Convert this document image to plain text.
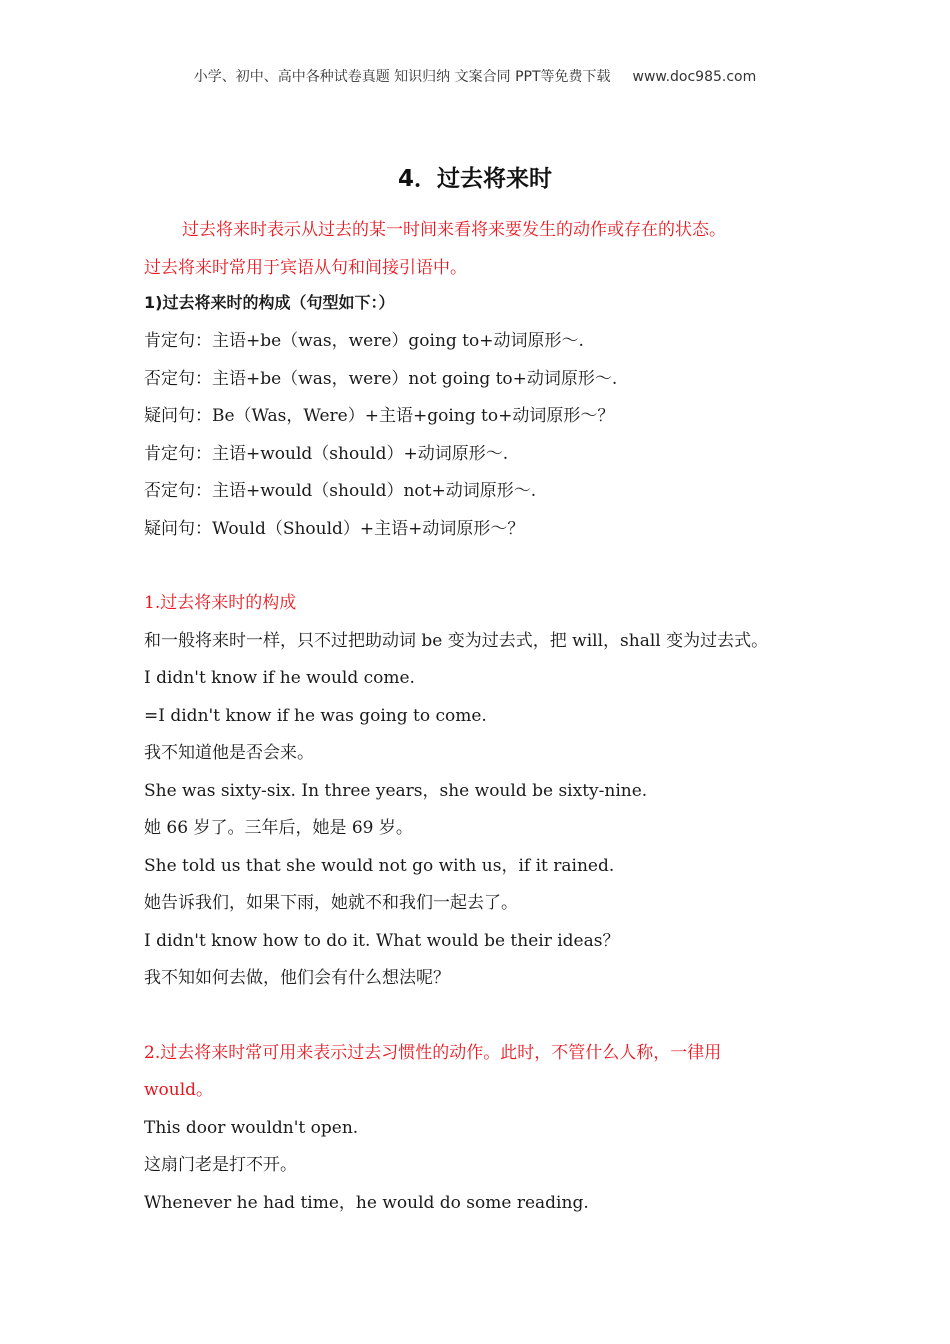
小学、初中、高中各种试卷真题 知识归纳 文案合同 PPT等免费下载 www.doc985.com
4．过去将来时
过去将来时表示从过去的某一时间来看将来要发生的动作或存在的状态。
过去将来时常用于宾语从句和间接引语中。
1)过去将来时的构成（句型如下：）
肯定句：主语+be（was，were）going to+动词原形～.
否定句：主语+be（was，were）not going to+动词原形～.
疑问句：Be（Was，Were）+主语+going to+动词原形～？
肯定句：主语+would（should）+动词原形～.
否定句：主语+would（should）not+动词原形～.
疑问句：Would（Should）+主语+动词原形～？
1.过去将来时的构成
和一般将来时一样，只不过把助动词 be 变为过去式，把 will，shall 变为过去式。
I didn't know if he would come.
=I didn't know if he was going to come.
我不知道他是否会来。
She was sixty-six. In three years，she would be sixty-nine.
她 66 岁了。三年后，她是 69 岁。
She told us that she would not go with us，if it rained.
她告诉我们，如果下雨，她就不和我们一起去了。
I didn't know how to do it. What would be their ideas？
我不知如何去做，他们会有什么想法呢？
2.过去将来时常可用来表示过去习惯性的动作。此时，不管什么人称，一律用
would。
This door wouldn't open.
这扇门老是打不开。
Whenever he had time，he would do some reading.
